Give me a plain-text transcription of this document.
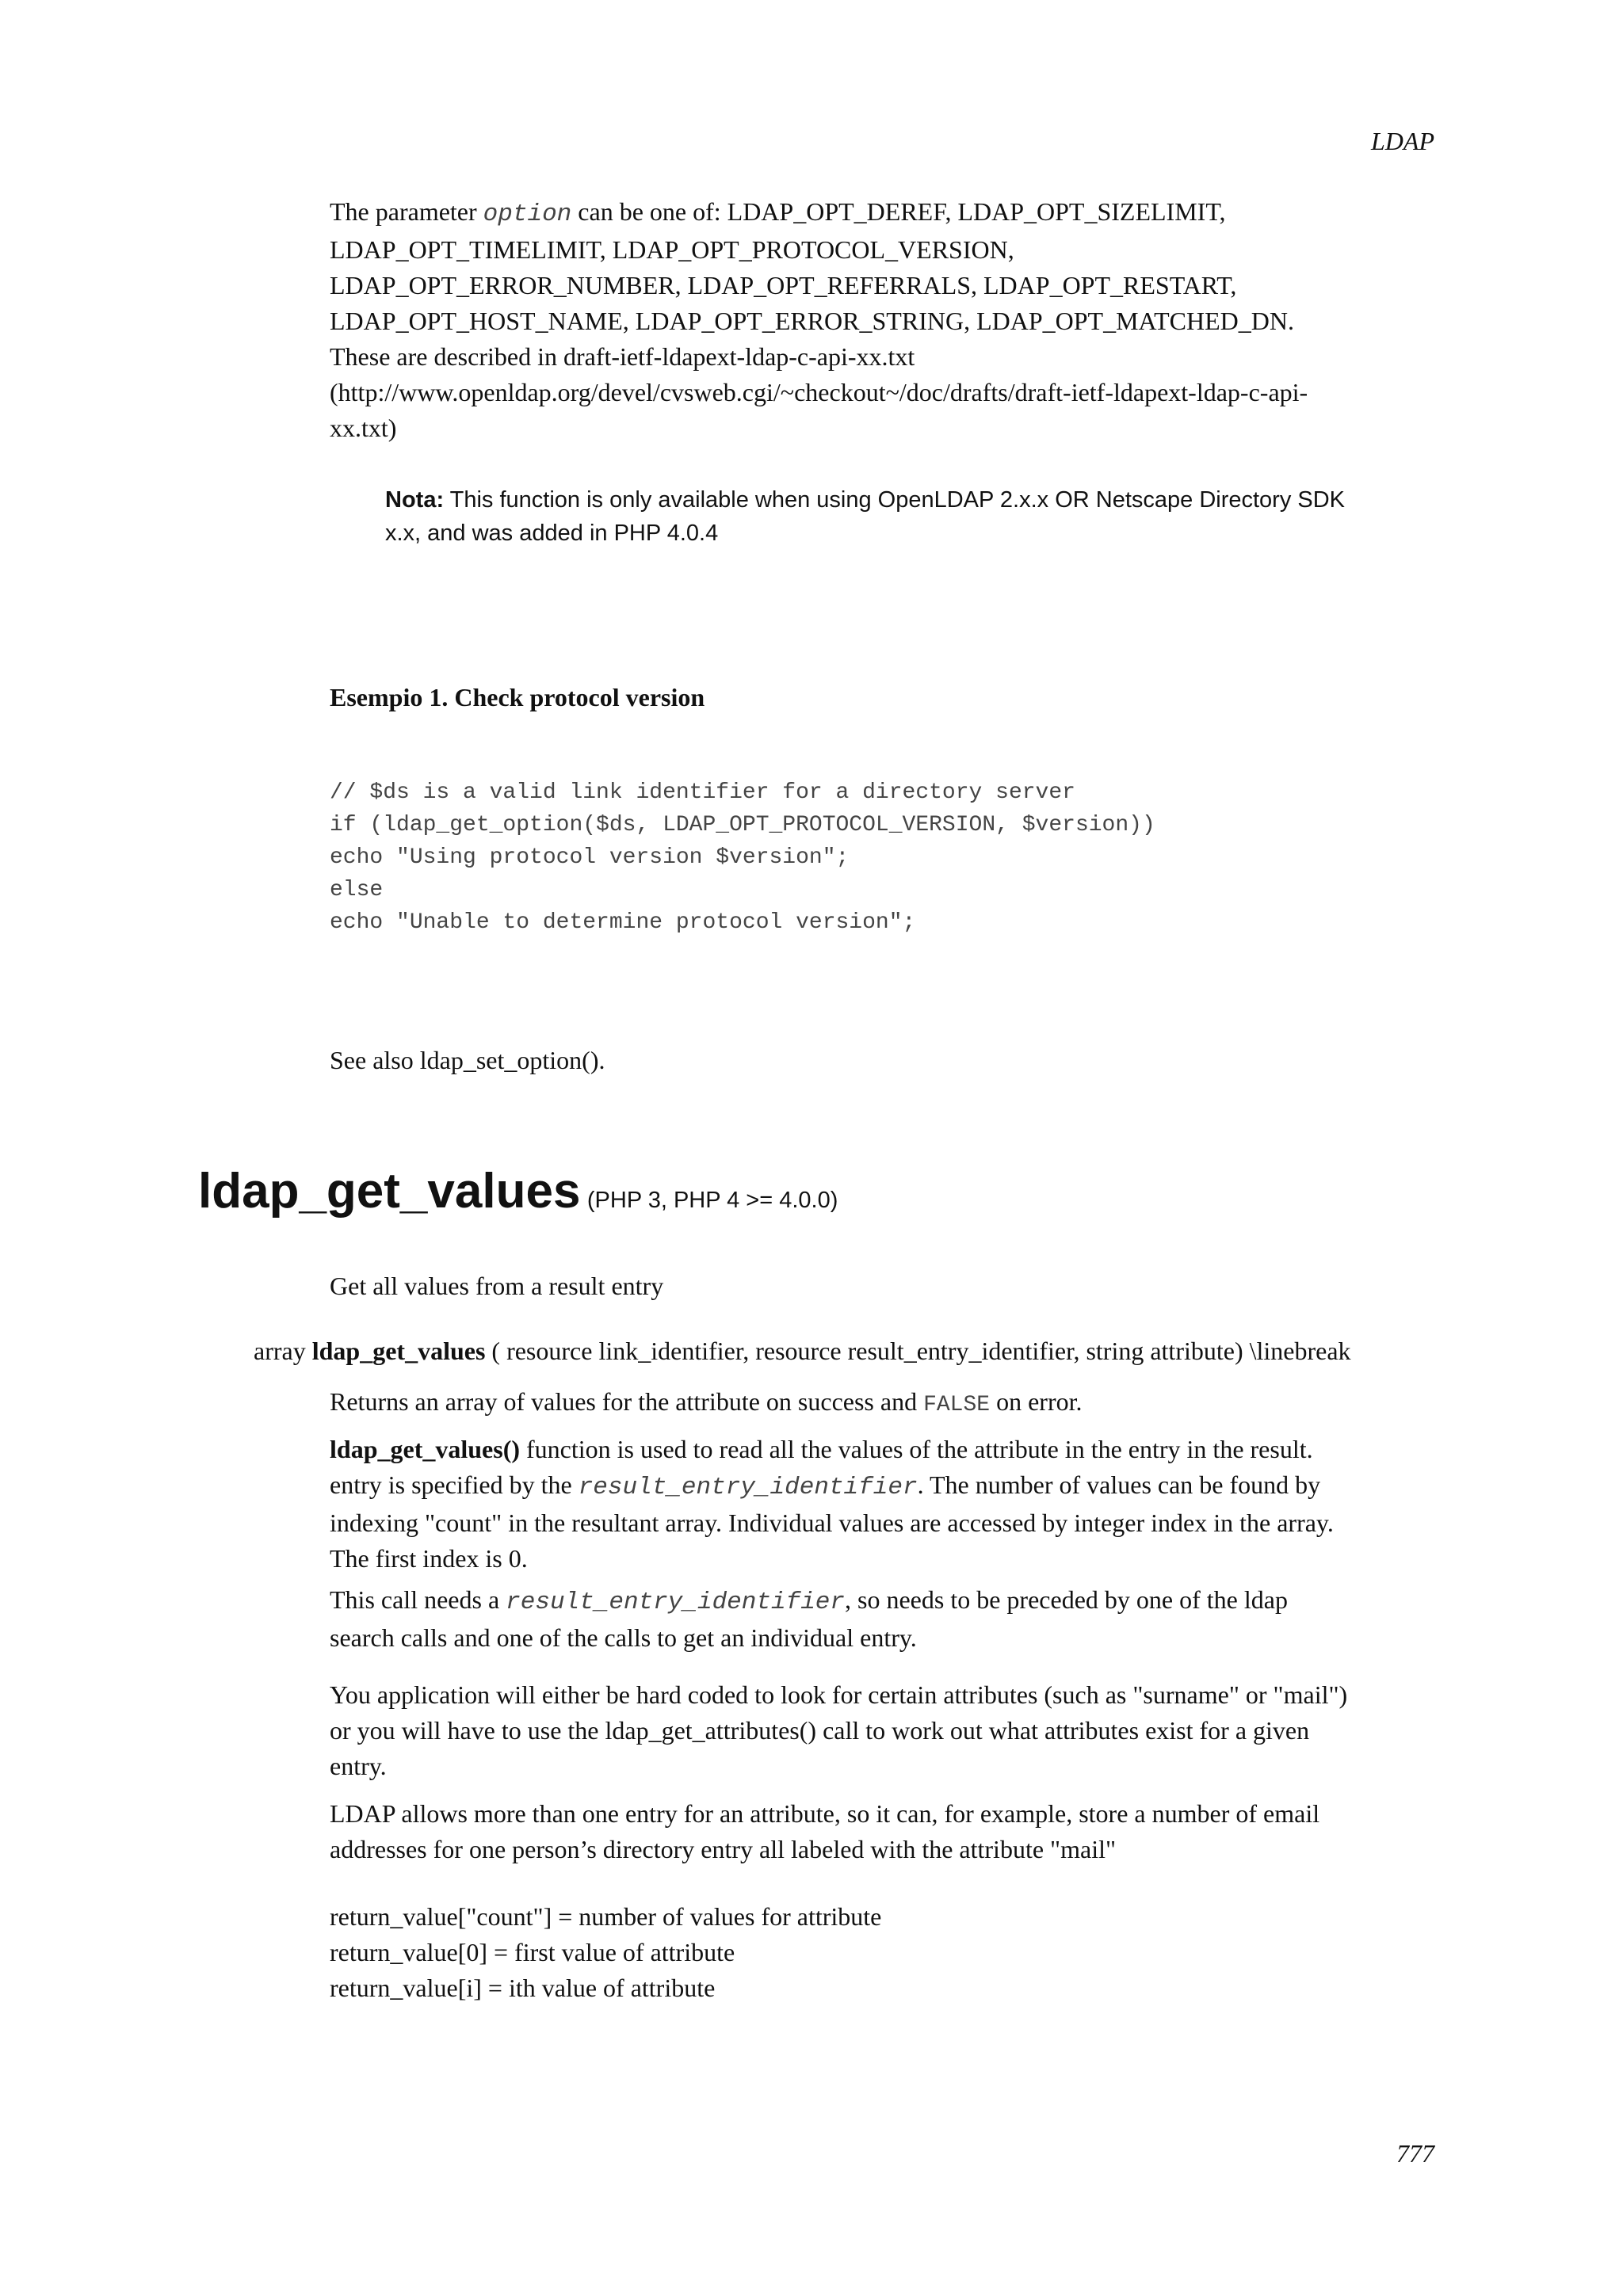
LDAP
The parameter option can be one of: LDAP_OPT_DEREF, LDAP_OPT_SIZELIMIT,
LDAP_OPT_TIMELIMIT, LDAP_OPT_PROTOCOL_VERSION,
LDAP_OPT_ERROR_NUMBER, LDAP_OPT_REFERRALS, LDAP_OPT_RESTART,
LDAP_OPT_HOST_NAME, LDAP_OPT_ERROR_STRING, LDAP_OPT_MATCHED_DN.
These are described in draft-ietf-ldapext-ldap-c-api-xx.txt
(http://www.openldap.org/devel/cvsweb.cgi/~checkout~/doc/drafts/draft-ietf-ldapext-ldap-c-api-
xx.txt)
Nota: This function is only available when using OpenLDAP 2.x.x OR Netscape Directory SDK
x.x, and was added in PHP 4.0.4
Esempio 1. Check protocol version
// $ds is a valid link identifier for a directory server
if (ldap_get_option($ds, LDAP_OPT_PROTOCOL_VERSION, $version))
echo "Using protocol version $version";
else
echo "Unable to determine protocol version";
See also ldap_set_option().
ldap_get_values (PHP 3, PHP 4 >= 4.0.0)
Get all values from a result entry
array ldap_get_values ( resource link_identifier, resource result_entry_identifier, string attribute) \linebreak
Returns an array of values for the attribute on success and FALSE on error.
ldap_get_values() function is used to read all the values of the attribute in the entry in the result.
entry is specified by the result_entry_identifier. The number of values can be found by
indexing "count" in the resultant array. Individual values are accessed by integer index in the array.
The first index is 0.
This call needs a result_entry_identifier, so needs to be preceded by one of the ldap
search calls and one of the calls to get an individual entry.
You application will either be hard coded to look for certain attributes (such as "surname" or "mail")
or you will have to use the ldap_get_attributes() call to work out what attributes exist for a given
entry.
LDAP allows more than one entry for an attribute, so it can, for example, store a number of email
addresses for one person’s directory entry all labeled with the attribute "mail"
return_value["count"] = number of values for attribute
return_value[0] = first value of attribute
return_value[i] = ith value of attribute
777
